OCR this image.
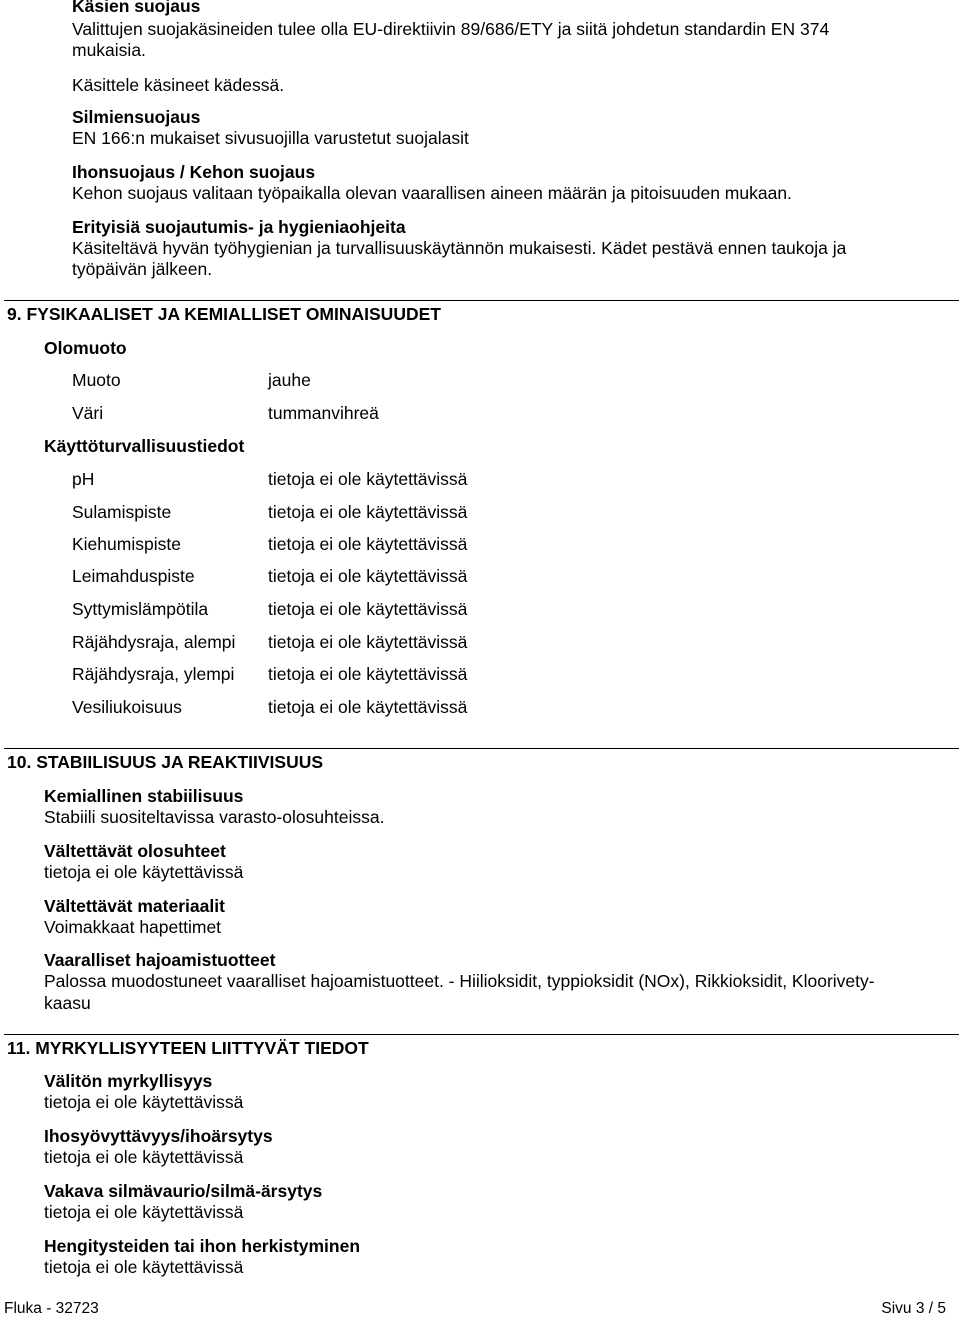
Käsien suojaus
Valittujen suojakäsineiden tulee olla EU-direktiivin 89/686/ETY ja siitä johdetun standardin EN 374
mukaisia.
Käsittele käsineet kädessä.
Silmiensuojaus
EN 166:n mukaiset sivusuojilla varustetut suojalasit
Ihonsuojaus / Kehon suojaus
Kehon suojaus valitaan työpaikalla olevan vaarallisen aineen määrän ja pitoisuuden mukaan.
Erityisiä suojautumis- ja hygieniaohjeita
Käsiteltävä hyvän työhygienian ja turvallisuuskäytännön mukaisesti. Kädet pestävä ennen taukoja ja
työpäivän jälkeen.
9. FYSIKAALISET JA KEMIALLISET OMINAISUUDET
Olomuoto
Muoto	jauhe
Väri	tummanvihreä
Käyttöturvallisuustiedot
pH	tietoja ei ole käytettävissä
Sulamispiste	tietoja ei ole käytettävissä
Kiehumispiste	tietoja ei ole käytettävissä
Leimahduspiste	tietoja ei ole käytettävissä
Syttymislämpötila	tietoja ei ole käytettävissä
Räjähdysraja, alempi tietoja ei ole käytettävissä
Räjähdysraja, ylempi tietoja ei ole käytettävissä
Vesiliukoisuus	tietoja ei ole käytettävissä
10. STABIILISUUS JA REAKTIIVISUUS
Kemiallinen stabiilisuus
Stabiili suositeltavissa varasto-olosuhteissa.
Vältettävät olosuhteet
tietoja ei ole käytettävissä
Vältettävät materiaalit
Voimakkaat hapettimet
Vaaralliset hajoamistuotteet
Palossa muodostuneet vaaralliset hajoamistuotteet. - Hiilioksidit, typpioksidit (NOx), Rikkioksidit, Kloorivety-
kaasu
11. MYRKYLLISYYTEEN LIITTYVÄT TIEDOT
Välitön myrkyllisyys
tietoja ei ole käytettävissä
Ihosyövyttävyys/ihoärsytys
tietoja ei ole käytettävissä
Vakava silmävaurio/silmä-ärsytys
tietoja ei ole käytettävissä
Hengitysteiden tai ihon herkistyminen
tietoja ei ole käytettävissä
Fluka - 32723	Sivu 3 / 5
